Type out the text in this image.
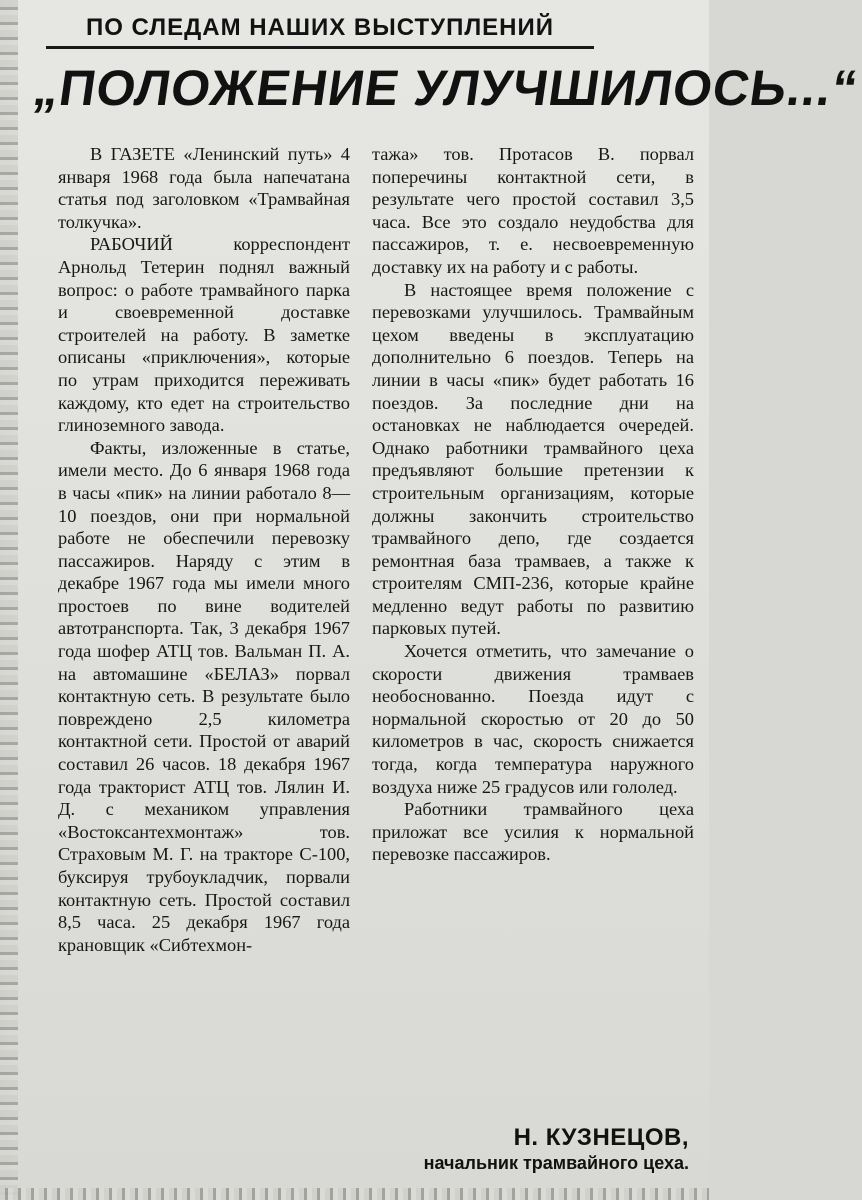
ПО СЛЕДАМ НАШИХ ВЫСТУПЛЕНИЙ
„ПОЛОЖЕНИЕ УЛУЧШИЛОСЬ...“

В ГАЗЕТЕ «Ленинский путь» 4 января 1968 года была напечатана статья под заголовком «Трамвайная толкучка».

РАБОЧИЙ корреспондент Арнольд Тетерин поднял важный вопрос: о работе трамвайного парка и своевременной доставке строителей на работу. В заметке описаны «приключения», которые по утрам приходится переживать каждому, кто едет на строительство глиноземного завода.

Факты, изложенные в статье, имели место. До 6 января 1968 года в часы «пик» на линии работало 8—10 поездов, они при нормальной работе не обеспечили перевозку пассажиров. Наряду с этим в декабре 1967 года мы имели много простоев по вине водителей автотранспорта. Так, 3 декабря 1967 года шофер АТЦ тов. Вальман П. А. на автомашине «БЕЛАЗ» порвал контактную сеть. В результате было повреждено 2,5 километра контактной сети. Простой от аварий составил 26 часов. 18 декабря 1967 года тракторист АТЦ тов. Лялин И. Д. с механиком управления «Востоксантехмонтаж» тов. Страховым М. Г. на тракторе С-100, буксируя трубоукладчик, порвали контактную сеть. Простой составил 8,5 часа. 25 декабря 1967 года крановщик «Сибтехмон-

тажа» тов. Протасов В. порвал поперечины контактной сети, в результате чего простой составил 3,5 часа. Все это создало неудобства для пассажиров, т. е. несвоевременную доставку их на работу и с работы.

В настоящее время положение с перевозками улучшилось. Трамвайным цехом введены в эксплуатацию дополнительно 6 поездов. Теперь на линии в часы «пик» будет работать 16 поездов. За последние дни на остановках не наблюдается очередей. Однако работники трамвайного цеха предъявляют большие претензии к строительным организациям, которые должны закончить строительство трамвайного депо, где создается ремонтная база трамваев, а также к строителям СМП-236, которые крайне медленно ведут работы по развитию парковых путей.

Хочется отметить, что замечание о скорости движения трамваев необоснованно. Поезда идут с нормальной скоростью от 20 до 50 километров в час, скорость снижается тогда, когда температура наружного воздуха ниже 25 градусов или гололед.

Работники трамвайного цеха приложат все усилия к нормальной перевозке пассажиров.

Н. КУЗНЕЦОВ,
начальник трамвайного цеха.
